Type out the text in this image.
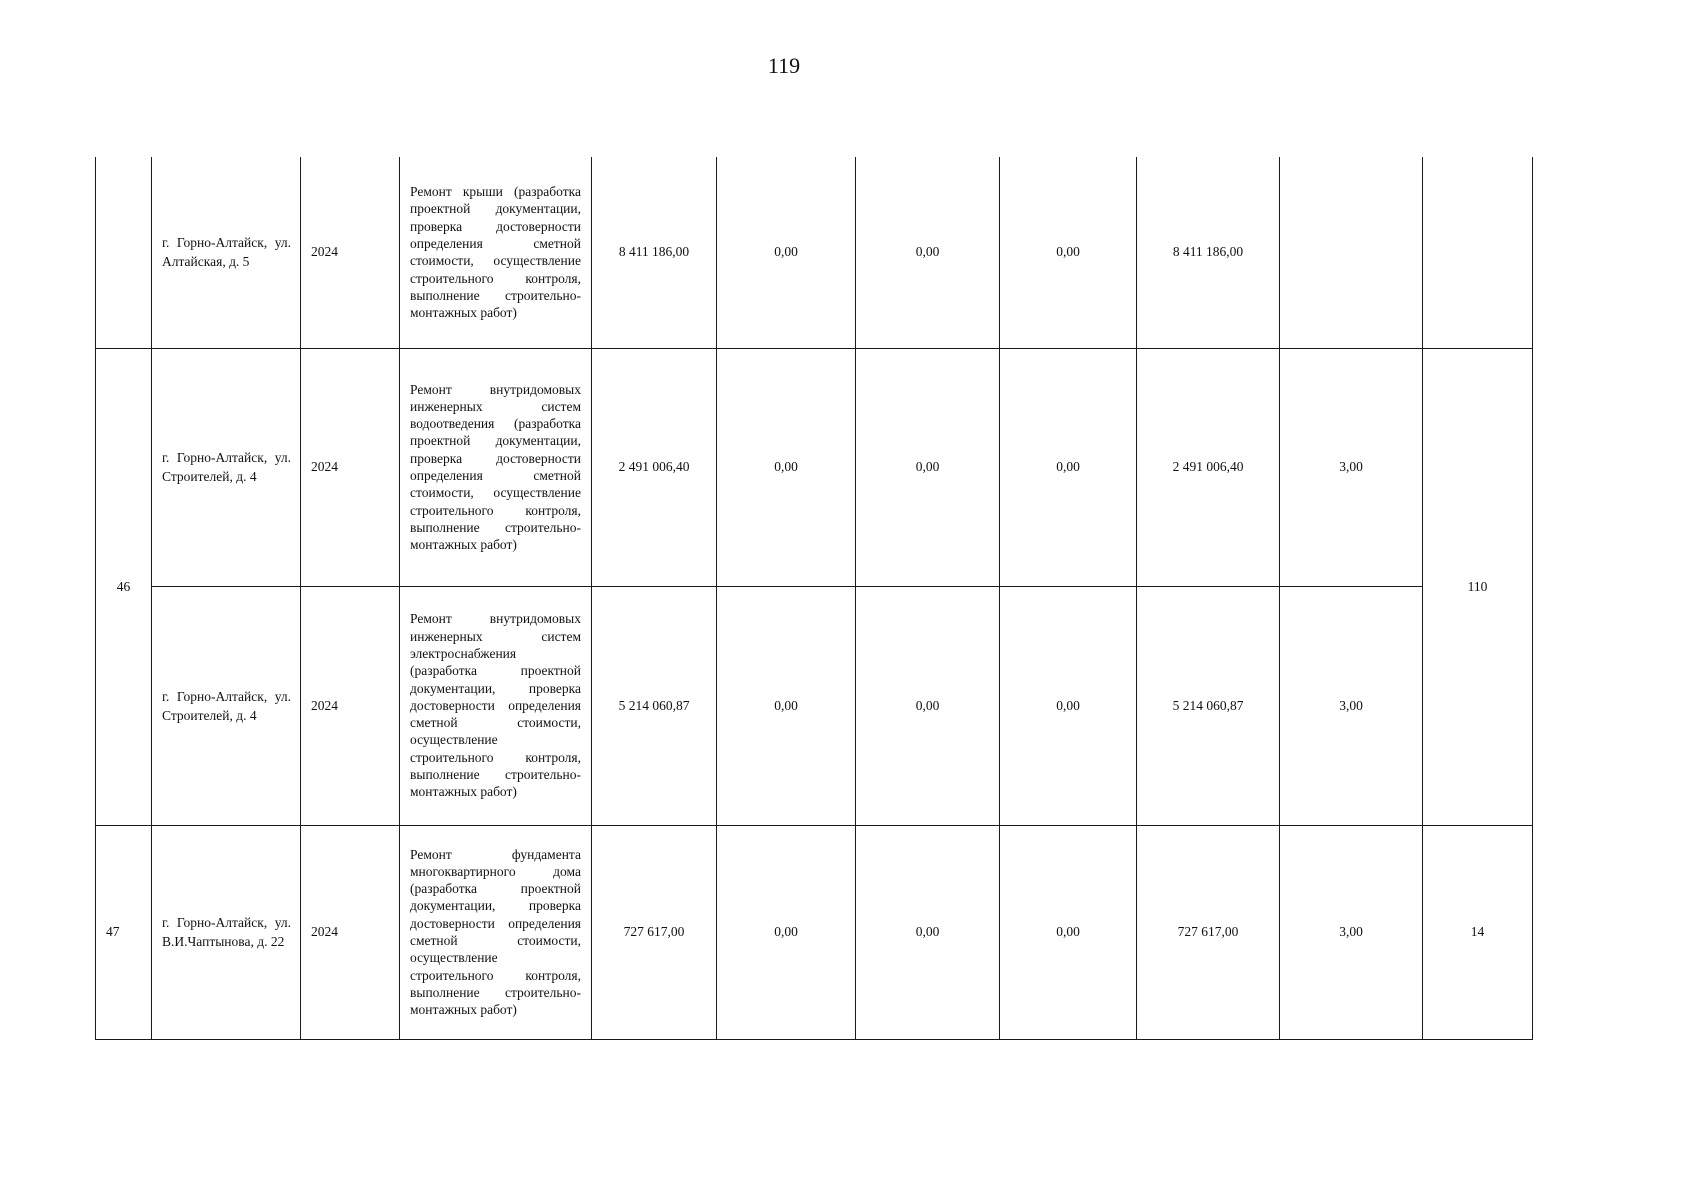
119
	г. Горно-Алтайск, ул. Алтайская, д. 5	2024	Ремонт крыши (разработка проектной документации, проверка достоверности определения сметной стоимости, осуществление строительного контроля, выполнение строительно-монтажных работ)	8 411 186,00	0,00	0,00	0,00	8 411 186,00		
46	г. Горно-Алтайск, ул. Строителей, д. 4	2024	Ремонт внутридомовых инженерных систем водоотведения (разработка проектной документации, проверка достоверности определения сметной стоимости, осуществление строительного контроля, выполнение строительно-монтажных работ)	2 491 006,40	0,00	0,00	0,00	2 491 006,40	3,00	110
	г. Горно-Алтайск, ул. Строителей, д. 4	2024	Ремонт внутридомовых инженерных систем электроснабжения (разработка проектной документации, проверка достоверности определения сметной стоимости, осуществление строительного контроля, выполнение строительно-монтажных работ)	5 214 060,87	0,00	0,00	0,00	5 214 060,87	3,00	
47	г. Горно-Алтайск, ул. В.И.Чаптынова, д. 22	2024	Ремонт фундамента многоквартирного дома (разработка проектной документации, проверка достоверности определения сметной стоимости, осуществление строительного контроля, выполнение строительно-монтажных работ)	727 617,00	0,00	0,00	0,00	727 617,00	3,00	14
